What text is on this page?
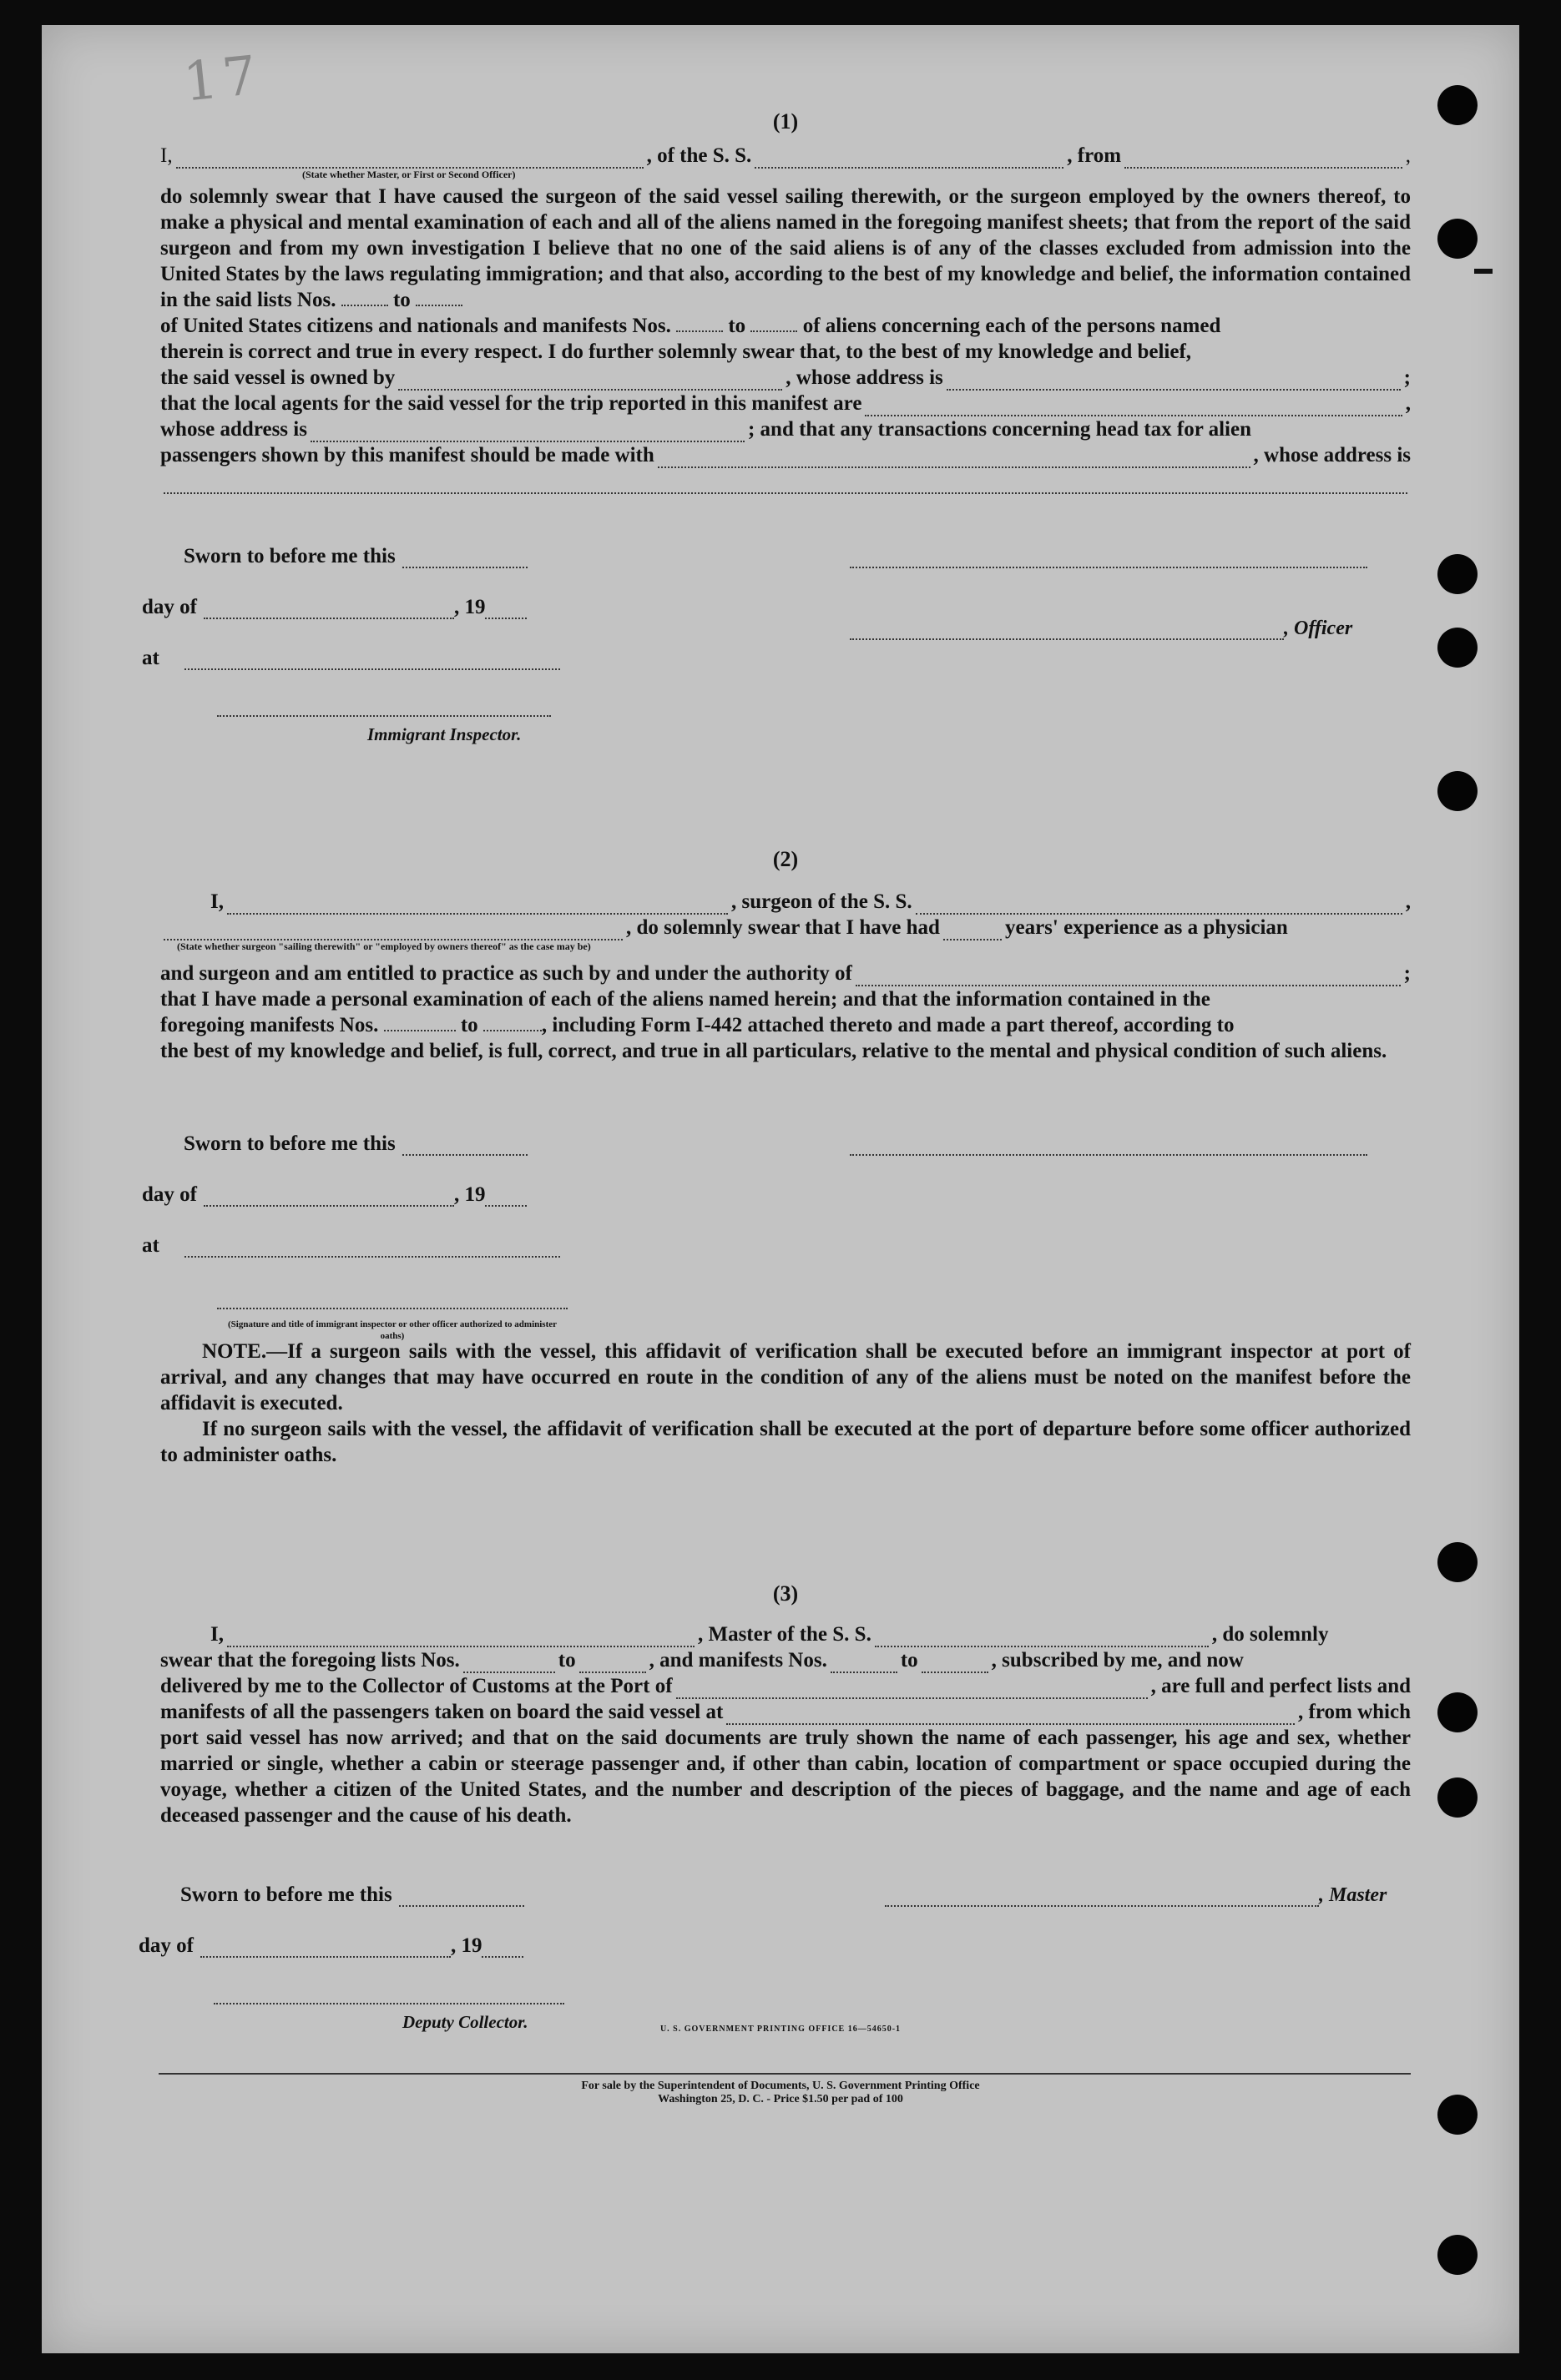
17
(1)
I,	, of the S. S.	, from	,
(State whether Master, or First or Second Officer)

do solemnly swear that I have caused the surgeon of the said vessel sailing therewith, or the surgeon employed by the owners thereof, to make a physical and mental examination of each and all of the aliens named in the foregoing manifest sheets; that from the report of the said surgeon and from my own investigation I believe that no one of the said aliens is of any of the classes excluded from admission into the United States by the laws regulating immigration; and that also, according to the best of my knowledge and belief, the information contained in the said lists Nos.	to

of United States citizens and nationals and manifests Nos.	to	of aliens concerning each of the persons named

therein is correct and true in every respect. I do further solemnly swear that, to the best of my knowledge and belief,

the said vessel is owned by	, whose address is	;
that the local agents for the said vessel for the trip reported in this manifest are	,
whose address is	; and that any transactions concerning head tax for alien
passengers shown by this manifest should be made with	, whose address is
Sworn to before me this
day of	, 19
at
Immigrant Inspector.
, Officer
(2)
I,	, surgeon of the S. S.	,
, do solemnly swear that I have had	years' experience as a physician
(State whether surgeon "sailing therewith" or "employed by owners thereof" as the case may be)
and surgeon and am entitled to practice as such by and under the authority of	;

that I have made a personal examination of each of the aliens named herein; and that the information contained in the

foregoing manifests Nos.	to	, including Form I-442 attached thereto and made a part thereof, according to

the best of my knowledge and belief, is full, correct, and true in all particulars, relative to the mental and physical condition of such aliens.

Sworn to before me this
day of	, 19
at
(Signature and title of immigrant inspector or other officer authorized to administer oaths)
NOTE.—If a surgeon sails with the vessel, this affidavit of verification shall be executed before an immigrant inspector at port of arrival, and any changes that may have occurred en route in the condition of any of the aliens must be noted on the manifest before the affidavit is executed.
If no surgeon sails with the vessel, the affidavit of verification shall be executed at the port of departure before some officer authorized to administer oaths.
(3)
I,	, Master of the S. S.	, do solemnly
swear that the foregoing lists Nos.	to	, and manifests Nos.	to	, subscribed by me, and now
delivered by me to the Collector of Customs at the Port of	, are full and perfect lists and
manifests of all the passengers taken on board the said vessel at	, from which
port said vessel has now arrived; and that on the said documents are truly shown the name of each passenger, his age and sex, whether married or single, whether a cabin or steerage passenger and, if other than cabin, location of compartment or space occupied during the voyage, whether a citizen of the United States, and the number and description of the pieces of baggage, and the name and age of each deceased passenger and the cause of his death.
Sworn to before me this
day of	, 19
Deputy Collector.
, Master
U. S. GOVERNMENT PRINTING OFFICE 16—54650-1
For sale by the Superintendent of Documents, U. S. Government Printing Office
Washington 25, D. C. - Price $1.50 per pad of 100
